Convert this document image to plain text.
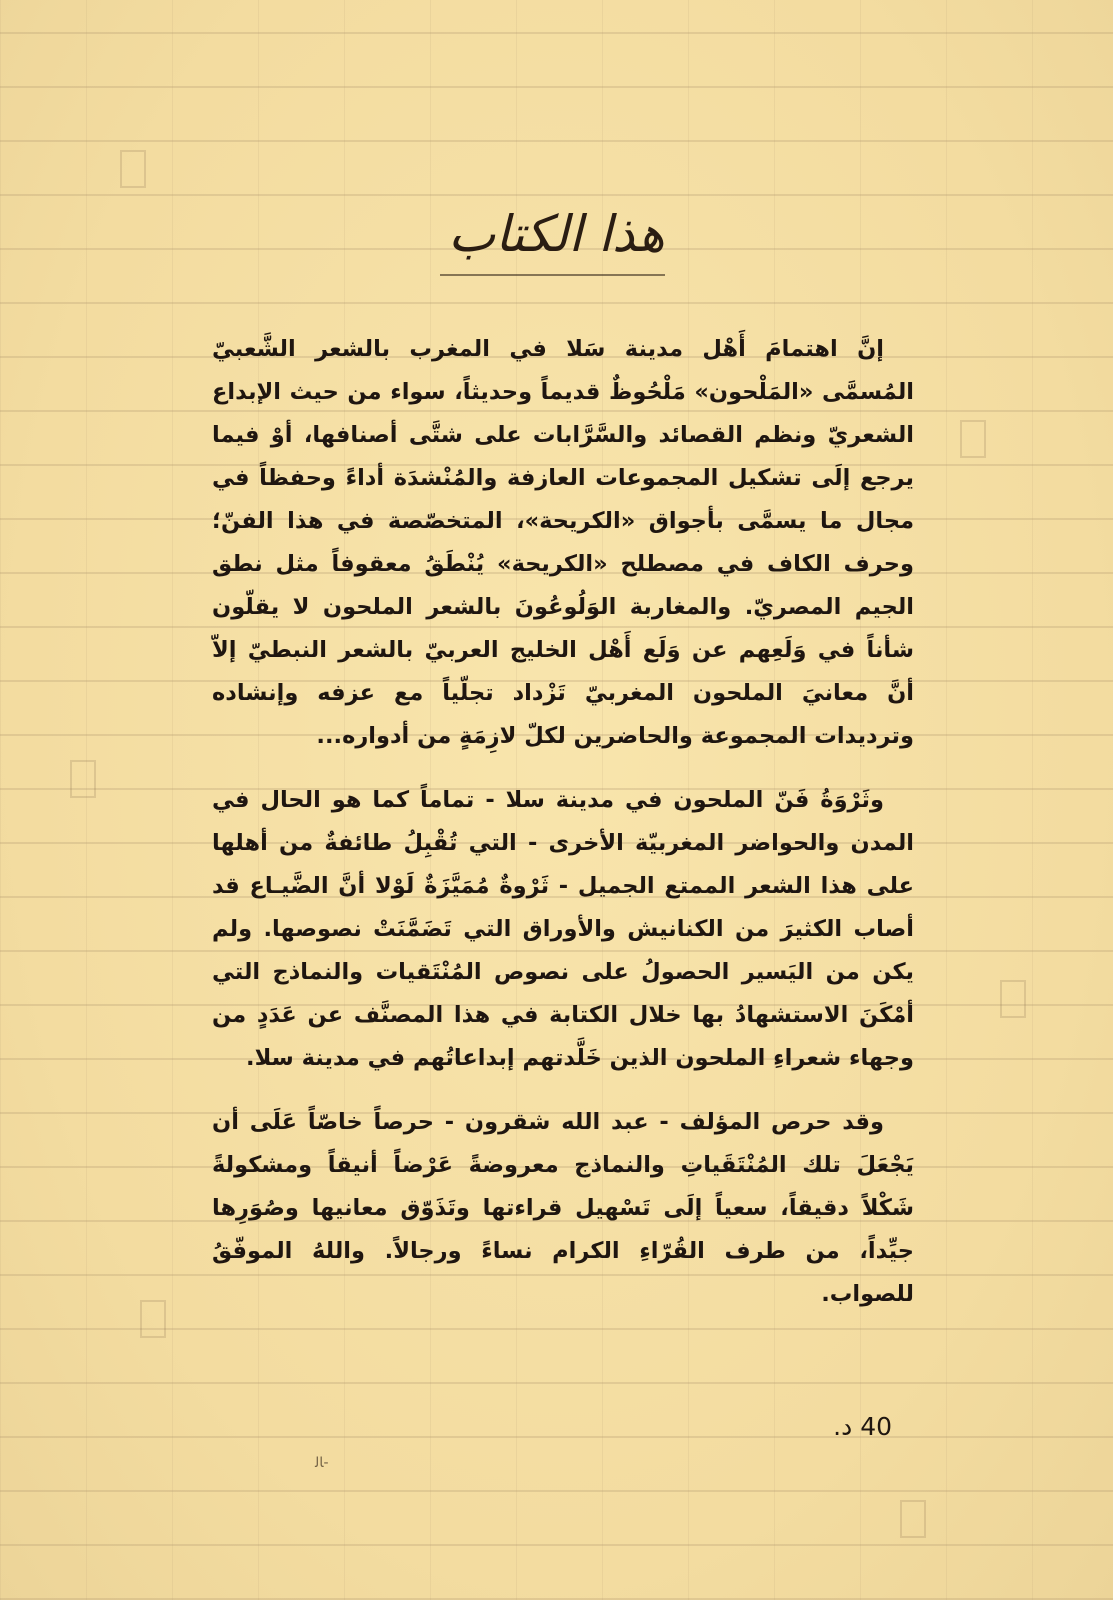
هذا الكتاب

إنَّ اهتمامَ أَهْل مدينة سَلا في المغرب بالشعر الشَّعبيّ المُسمَّى «المَلْحون» مَلْحُوظٌ قديماً وحديثاً، سواء من حيث الإبداع الشعريّ ونظم القصائد والسَّرَّابات على شتَّى أصنافها، أوْ فيما يرجع إلَى تشكيل المجموعات العازفة والمُنْشدَة أداءً وحفظاً في مجال ما يسمَّى بأجواق «الكريحة»، المتخصّصة في هذا الفنّ؛ وحرف الكاف في مصطلح «الكريحة» يُنْطَقُ معقوفاً مثل نطق الجيم المصريّ. والمغاربة الوَلُوعُونَ بالشعر الملحون لا يقلّون شأناً في وَلَعِهم عن وَلَع أَهْل الخليج العربيّ بالشعر النبطيّ إلاّ أنَّ معانيَ الملحون المغربيّ تَزْداد تجلّياً مع عزفه وإنشاده وترديدات المجموعة والحاضرين لكلّ لازِمَةٍ من أدواره...

وثَرْوَةُ فَنّ الملحون في مدينة سلا - تماماً كما هو الحال في المدن والحواضر المغربيّة الأخرى - التي تُقْبِلُ طائفةٌ من أهلها على هذا الشعر الممتع الجميل - ثَرْوةٌ مُمَيَّزَةٌ لَوْلا أنَّ الضَّيـاع قد أصاب الكثيرَ من الكنانيش والأوراق التي تَضَمَّنَتْ نصوصها. ولم يكن من اليَسير الحصولُ على نصوص المُنْتَقيات والنماذج التي أمْكَنَ الاستشهادُ بها خلال الكتابة في هذا المصنَّف عن عَدَدٍ من وجهاء شعراءِ الملحون الذين خَلَّدتهم إبداعاتُهم في مدينة سلا.

وقد حرص المؤلف - عبد الله شقرون - حرصاً خاصّاً عَلَى أن يَجْعَلَ تلك المُنْتَقَياتِ والنماذج معروضةً عَرْضاً أنيقاً ومشكولةً شَكْلاً دقيقاً، سعياً إلَى تَسْهيل قراءتها وتَذَوّق معانيها وصُوَرِها جيِّداً، من طرف القُرّاءِ الكرام نساءً ورجالاً. واللهُ الموفّقُ للصواب.

40 د.
ﺎﻟ-
